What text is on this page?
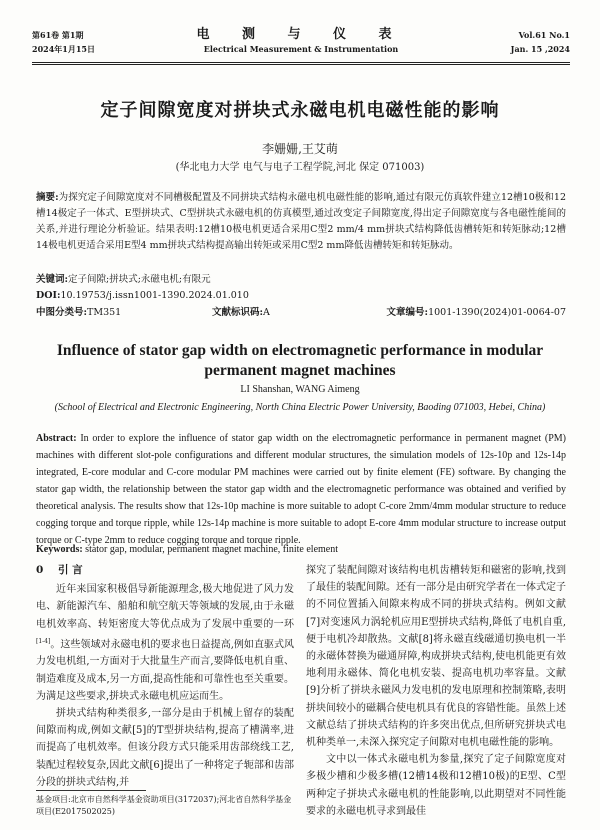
第61卷 第1期
2024年1月15日
电 测 与 仪 表
Electrical Measurement & Instrumentation
Vol.61 No.1
Jan. 15 ,2024
定子间隙宽度对拼块式永磁电机电磁性能的影响
李姗姗,王艾萌
(华北电力大学 电气与电子工程学院,河北 保定 071003)
摘要:为探究定子间隙宽度对不同槽极配置及不同拼块式结构永磁电机电磁性能的影响,通过有限元仿真软件建立12槽10极和12槽14极定子一体式、E型拼块式、C型拼块式永磁电机的仿真模型,通过改变定子间隙宽度,得出定子间隙宽度与各电磁性能间的关系,并进行理论分析验证。结果表明:12槽10极电机更适合采用C型2 mm/4 mm拼块式结构降低齿槽转矩和转矩脉动;12槽14极电机更适合采用E型4 mm拼块式结构提高输出转矩或采用C型2 mm降低齿槽转矩和转矩脉动。
关键词:定子间隙;拼块式;永磁电机;有限元
DOI:10.19753/j.issn1001-1390.2024.01.010
中图分类号:TM351	文献标识码:A	文章编号:1001-1390(2024)01-0064-07
Influence of stator gap width on electromagnetic performance in modular permanent magnet machines
LI Shanshan, WANG Aimeng
(School of Electrical and Electronic Engineering, North China Electric Power University, Baoding 071003, Hebei, China)
Abstract: In order to explore the influence of stator gap width on the electromagnetic performance in permanent magnet (PM) machines with different slot-pole configurations and different modular structures, the simulation models of 12s-10p and 12s-14p integrated, E-core modular and C-core modular PM machines were carried out by finite element (FE) software. By changing the stator gap width, the relationship between the stator gap width and the electromagnetic performance was obtained and verified by theoretical analysis. The results show that 12s-10p machine is more suitable to adopt C-core 2mm/4mm modular structure to reduce cogging torque and torque ripple, while 12s-14p machine is more suitable to adopt E-core 4mm modular structure to increase output torque or C-type 2mm to reduce cogging torque and torque ripple.
Keywords: stator gap, modular, permanent magnet machine, finite element
0 引 言

近年来国家积极倡导新能源理念,极大地促进了风力发电、新能源汽车、船舶和航空航天等领域的发展,由于永磁电机效率高、转矩密度大等优点成为了发展中重要的一环[1-4]。这些领域对永磁电机的要求也日益提高,例如直驱式风力发电机组,一方面对于大批量生产而言,要降低电机自重、制造难度及成本,另一方面,提高性能和可靠性也至关重要。为满足这些要求,拼块式永磁电机应运而生。

拼块式结构种类很多,一部分是由于机械上留存的装配间隙而构成,例如文献[5]的T型拼块结构,提高了槽满率,进而提高了电机效率。但该分段方式只能采用齿部绕线工艺,装配过程较复杂,因此文献[6]提出了一种将定子轭部和齿部分段的拼块式结构,并

探究了装配间隙对该结构电机齿槽转矩和磁密的影响,找到了最佳的装配间隙。还有一部分是由研究学者在一体式定子的不同位置插入间隙来构成不同的拼块式结构。例如文献[7]对变速风力涡轮机应用E型拼块式结构,降低了电机自重,便于电机冷却散热。文献[8]将永磁直线磁通切换电机一半的永磁体替换为磁通屏障,构成拼块式结构,使电机能更有效地利用永磁体、简化电机安装、提高电机功率容量。文献[9]分析了拼块永磁风力发电机的发电原理和控制策略,表明拼块间较小的磁耦合使电机具有优良的容错性能。虽然上述文献总结了拼块式结构的许多突出优点,但所研究拼块式电机种类单一,未深入探究定子间隙对电机电磁性能的影响。

文中以一体式永磁电机为参量,探究了定子间隙宽度对多极少槽和少极多槽(12槽14极和12槽10极)的E型、C型两种定子拼块式永磁电机的性能影响,以此期望对不同性能要求的永磁电机寻求到最佳

基金项目:北京市自然科学基金资助项目(3172037);河北省自然科学基金项目(E2017502025)
